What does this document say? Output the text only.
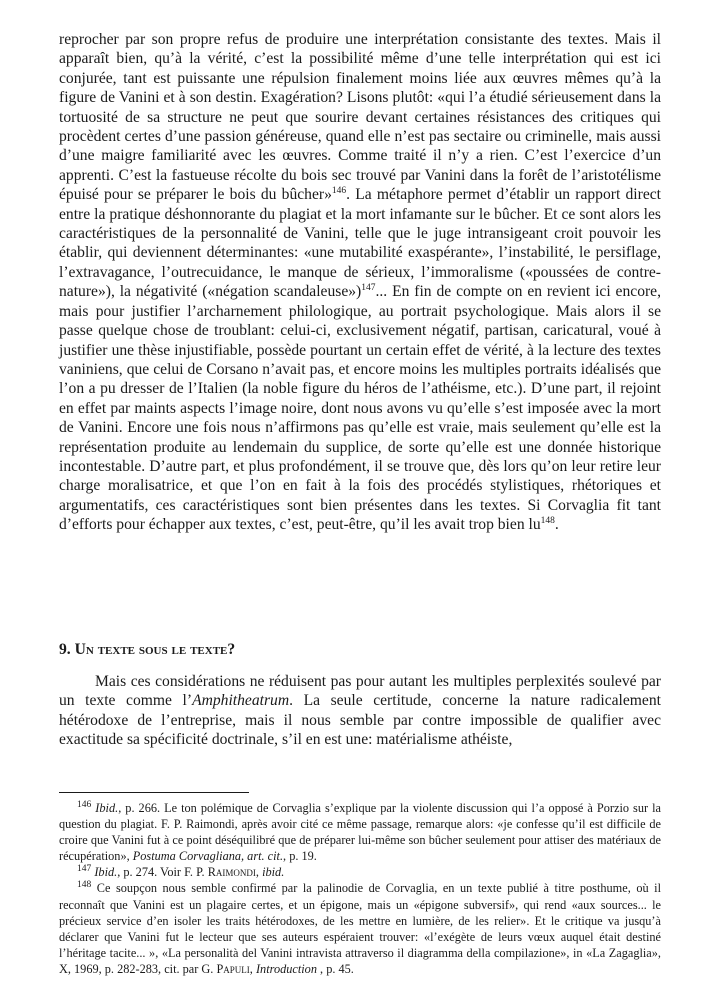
reprocher par son propre refus de produire une interprétation consistante des textes. Mais il apparaît bien, qu’à la vérité, c’est la possibilité même d’une telle interprétation qui est ici conjurée, tant est puissante une répulsion finalement moins liée aux œuvres mêmes qu’à la figure de Vanini et à son destin. Exagération? Lisons plutôt: «qui l’a étudié sérieusement dans la tortuosité de sa structure ne peut que sourire devant certaines résistances des critiques qui procèdent certes d’une passion généreuse, quand elle n’est pas sectaire ou criminelle, mais aussi d’une maigre familiarité avec les œuvres. Comme traité il n’y a rien. C’est l’exercice d’un apprenti. C’est la fastueuse récolte du bois sec trouvé par Vanini dans la forêt de l’aristotélisme épuisé pour se préparer le bois du bûcher»$^{146}$. La métaphore permet d’établir un rapport direct entre la pratique déshonnorante du plagiat et la mort infamante sur le bûcher. Et ce sont alors les caractéristiques de la personnalité de Vanini, telle que le juge intransigeant croit pouvoir les établir, qui deviennent déterminantes: «une mutabilité exaspérante», l’instabilité, le persiflage, l’extravagance, l’outrecuidance, le manque de sérieux, l’immoralisme («poussées de contre-nature»), la négativité («négation scandaleuse»)$^{147}$... En fin de compte on en revient ici encore, mais pour justifier l’archarnement philologique, au portrait psychologique. Mais alors il se passe quelque chose de troublant: celui-ci, exclusivement négatif, partisan, caricatural, voué à justifier une thèse injustifiable, possède pourtant un certain effet de vérité, à la lecture des textes vaniniens, que celui de Corsano n’avait pas, et encore moins les multiples portraits idéalisés que l’on a pu dresser de l’Italien (la noble figure du héros de l’athéisme, etc.). D’une part, il rejoint en effet par maints aspects l’image noire, dont nous avons vu qu’elle s’est imposée avec la mort de Vanini. Encore une fois nous n’affirmons pas qu’elle est vraie, mais seulement qu’elle est la représentation produite au lendemain du supplice, de sorte qu’elle est une donnée historique incontestable. D’autre part, et plus profondément, il se trouve que, dès lors qu’on leur retire leur charge moralisatrice, et que l’on en fait à la fois des procédés stylistiques, rhétoriques et argumentatifs, ces caractéristiques sont bien présentes dans les textes. Si Corvaglia fit tant d’efforts pour échapper aux textes, c’est, peut-être, qu’il les avait trop bien $lu^{148}$.

9. Un texte sous le texte?

Mais ces considérations ne réduisent pas pour autant les multiples perplexités soulevé par un texte comme l’Amphitheatrum. La seule certitude, concerne la nature radicalement hétérodoxe de l’entreprise, mais il nous semble par contre impossible de qualifier avec exactitude sa spécificité doctrinale, s’il en est une: matérialisme athéiste,

$^{146}$ Ibid., p. 266. Le ton polémique de Corvaglia s’explique par la violente discussion qui l’a opposé à Porzio sur la question du plagiat. F. P. Raimondi, après avoir cité ce même passage, remarque alors: «je confesse qu’il est difficile de croire que Vanini fut à ce point déséquilibré que de préparer lui-même son bûcher seulement pour attiser des matériaux de récupération», Postuma Corvagliana, art. cit., p. 19.

$^{147}$ Ibid., p. 274. Voir F. P. Raimondi, ibid.

$^{148}$ Ce soupçon nous semble confirmé par la palinodie de Corvaglia, en un texte publié à titre posthume, où il reconnaît que Vanini est un plagaire certes, et un épigone, mais un «épigone subversif», qui rend «aux sources... le précieux service d’en isoler les traits hétérodoxes, de les mettre en lumière, de les relier». Et le critique va jusqu’à déclarer que Vanini fut le lecteur que ses auteurs espéraient trouver: «l’exégète de leurs vœux auquel était destiné l’héritage tacite... », «La personalità del Vanini intravista attraverso il diagramma della compilazione», in «La Zagaglia», X, 1969, p. 282-283, cit. par G. Papuli, Introduction , p. 45.
